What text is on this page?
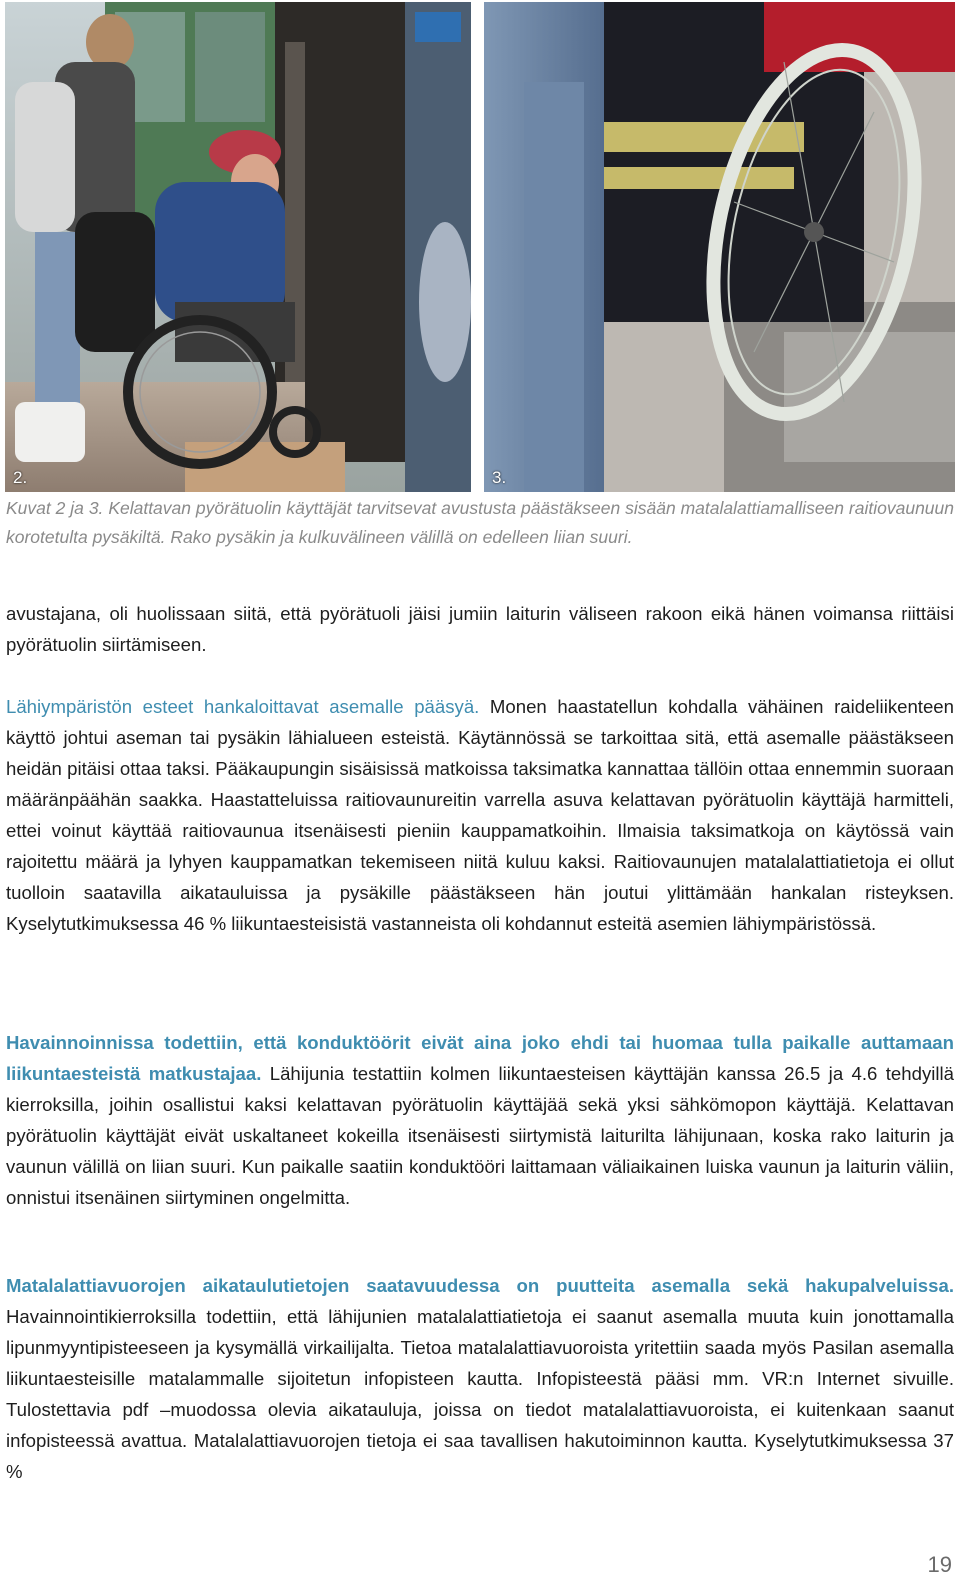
2.	3.

Kuvat 2 ja 3. Kelattavan pyörätuolin käyttäjät tarvitsevat avustusta päästäkseen sisään matalalattiamalliseen raitiovaunuun korotetulta pysäkiltä. Rako pysäkin ja kulkuvälineen välillä on edelleen liian suuri.

avustajana, oli huolissaan siitä, että pyörätuoli jäisi jumiin laiturin väliseen rakoon eikä hänen voimansa riittäisi pyörätuolin siirtämiseen.

Lähiympäristön esteet hankaloittavat asemalle pääsyä. Monen haastatellun kohdalla vähäinen raideliikenteen käyttö johtui aseman tai pysäkin lähialueen esteistä. Käytännössä se tarkoittaa sitä, että asemalle päästäkseen heidän pitäisi ottaa taksi. Pääkaupungin sisäisissä matkoissa taksimatka kannattaa tällöin ottaa ennemmin suoraan määränpäähän saakka. Haastatteluissa raitiovaunureitin varrella asuva kelattavan pyörätuolin käyttäjä harmitteli, ettei voinut käyttää raitiovaunua itsenäisesti pieniin kauppamatkoihin. Ilmaisia taksimatkoja on käytössä vain rajoitettu määrä ja lyhyen kauppamatkan tekemiseen niitä kuluu kaksi. Raitiovaunujen matalalattiatietoja ei ollut tuolloin saatavilla aikatauluissa ja pysäkille päästäkseen hän joutui ylittämään hankalan risteyksen. Kyselytutkimuksessa 46 % liikuntaesteisistä vastanneista oli kohdannut esteitä asemien lähiympäristössä.

Havainnoinnissa todettiin, että konduktöörit eivät aina joko ehdi tai huomaa tulla paikalle auttamaan liikuntaesteistä matkustajaa. Lähijunia testattiin kolmen liikuntaesteisen käyttäjän kanssa 26.5 ja 4.6 tehdyillä kierroksilla, joihin osallistui kaksi kelattavan pyörätuolin käyttäjää sekä yksi sähkömopon käyttäjä. Kelattavan pyörätuolin käyttäjät eivät uskaltaneet kokeilla itsenäisesti siirtymistä laiturilta lähijunaan, koska rako laiturin ja vaunun välillä on liian suuri. Kun paikalle saatiin konduktööri laittamaan väliaikainen luiska vaunun ja laiturin väliin, onnistui itsenäinen siirtyminen ongelmitta.

Matalalattiavuorojen aikataulutietojen saatavuudessa on puutteita asemalla sekä hakupalveluissa. Havainnointikierroksilla todettiin, että lähijunien matalalattiatietoja ei saanut asemalla muuta kuin jonottamalla lipunmyyntipisteeseen ja kysymällä virkailijalta. Tietoa matalalattiavuoroista yritettiin saada myös Pasilan asemalla liikuntaesteisille matalammalle sijoitetun infopisteen kautta. Infopisteestä pääsi mm. VR:n Internet sivuille. Tulostettavia pdf –muodossa olevia aikatauluja, joissa on tiedot matalalattiavuoroista, ei kuitenkaan saanut infopisteessä avattua. Matalalattiavuorojen tietoja ei saa tavallisen hakutoiminnon kautta. Kyselytutkimuksessa 37 %

19
